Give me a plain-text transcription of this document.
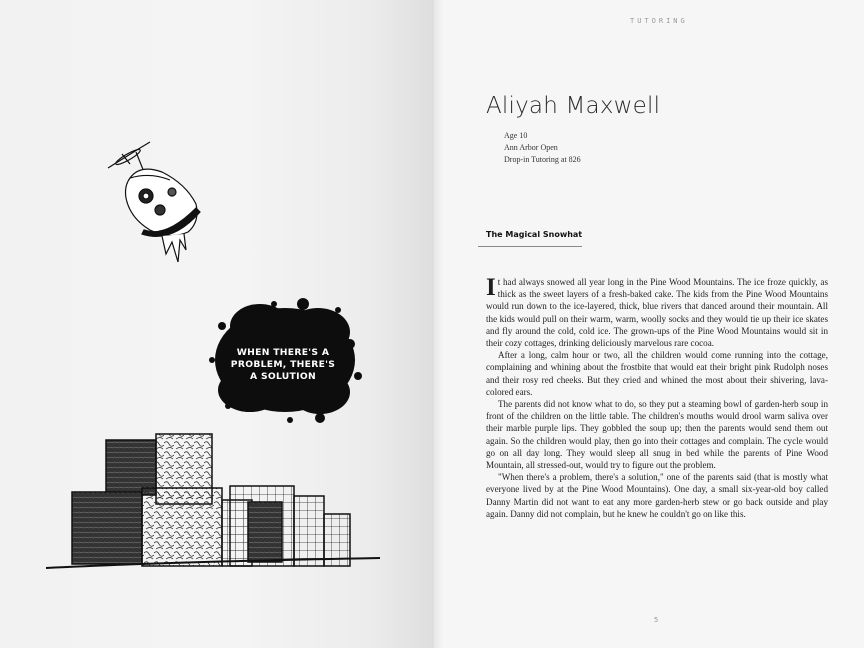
WHEN THERE'S A
PROBLEM, THERE'S
A SOLUTION
TUTORING
Aliyah Maxwell
Age 10
Ann Arbor Open
Drop-in Tutoring at 826
The Magical Snowhat

It had always snowed all year long in the Pine Wood Mountains. The ice froze quickly, as thick as the sweet layers of a fresh-baked cake. The kids from the Pine Wood Mountains would run down to the ice-layered, thick, blue rivers that danced around their mountain. All the kids would pull on their warm, warm, woolly socks and they would tie up their ice skates and fly around the cold, cold ice. The grown-ups of the Pine Wood Mountains would sit in their cozy cottages, drinking deliciously marvelous rare cocoa.

After a long, calm hour or two, all the children would come running into the cottage, complaining and whining about the frostbite that would eat their bright pink Rudolph noses and their rosy red cheeks. But they cried and whined the most about their shivering, lava-colored ears.

The parents did not know what to do, so they put a steaming bowl of garden-herb soup in front of the children on the little table. The children's mouths would drool warm saliva over their marble purple lips. They gobbled the soup up; then the parents would send them out again. So the children would play, then go into their cottages and complain. The cycle would go on all day long. They would sleep all snug in bed while the parents of Pine Wood Mountain, all stressed-out, would try to figure out the problem.

"When there's a problem, there's a solution," one of the parents said (that is mostly what everyone lived by at the Pine Wood Mountains). One day, a small six-year-old boy called Danny Martin did not want to eat any more garden-herb stew or go back outside and play again. Danny did not complain, but he knew he couldn't go on like this.

5
